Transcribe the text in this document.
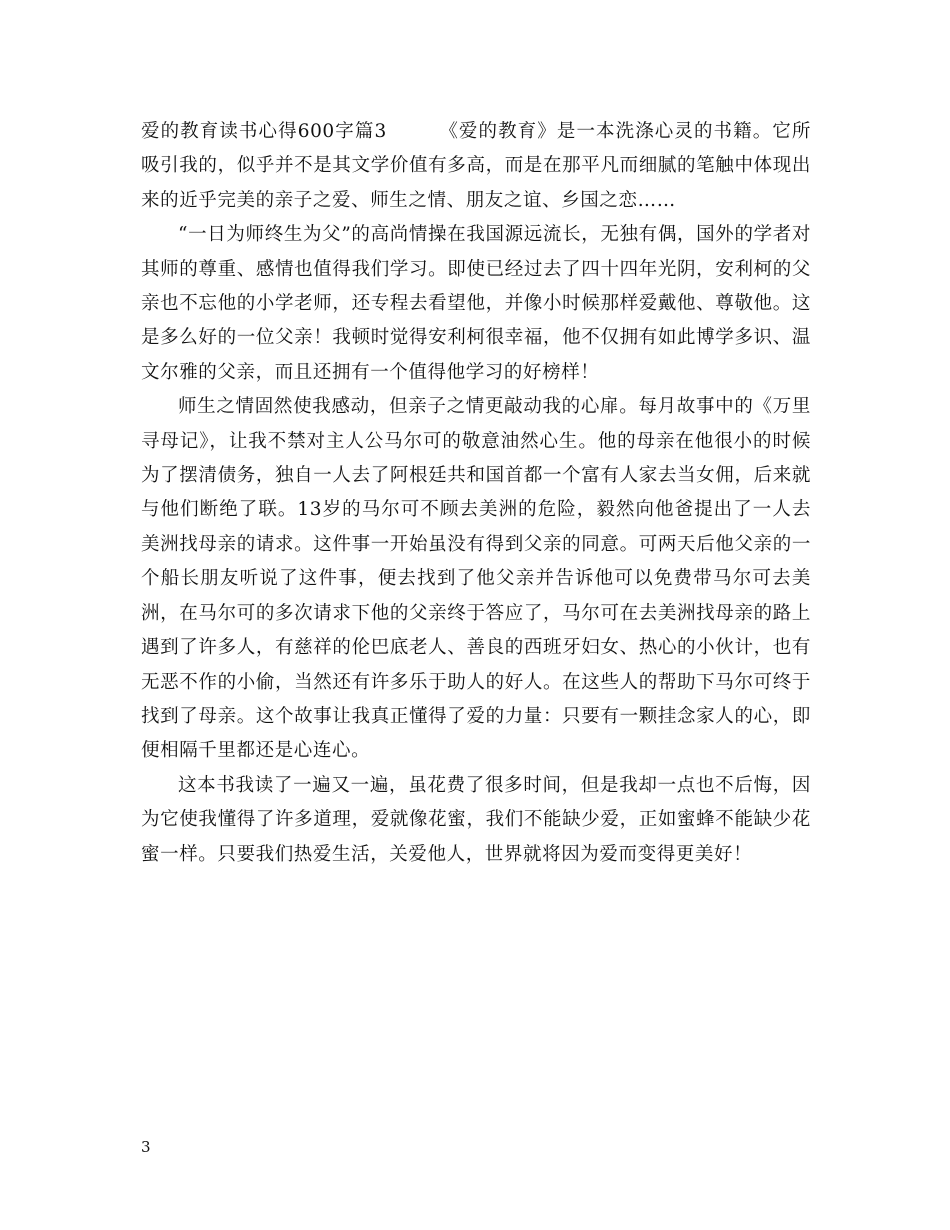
爱的教育读书心得600字篇3	《爱的教育》是一本洗涤心灵的书籍。它所吸引我的，似乎并不是其文学价值有多高，而是在那平凡而细腻的笔触中体现出来的近乎完美的亲子之爱、师生之情、朋友之谊、乡国之恋……

“一日为师终生为父”的高尚情操在我国源远流长，无独有偶，国外的学者对其师的尊重、感情也值得我们学习。即使已经过去了四十四年光阴，安利柯的父亲也不忘他的小学老师，还专程去看望他，并像小时候那样爱戴他、尊敬他。这是多么好的一位父亲！我顿时觉得安利柯很幸福，他不仅拥有如此博学多识、温文尔雅的父亲，而且还拥有一个值得他学习的好榜样！

师生之情固然使我感动，但亲子之情更敲动我的心扉。每月故事中的《万里寻母记》，让我不禁对主人公马尔可的敬意油然心生。他的母亲在他很小的时候为了摆清债务，独自一人去了阿根廷共和国首都一个富有人家去当女佣，后来就与他们断绝了联。13岁的马尔可不顾去美洲的危险，毅然向他爸提出了一人去美洲找母亲的请求。这件事一开始虽没有得到父亲的同意。可两天后他父亲的一个船长朋友听说了这件事，便去找到了他父亲并告诉他可以免费带马尔可去美洲，在马尔可的多次请求下他的父亲终于答应了，马尔可在去美洲找母亲的路上遇到了许多人，有慈祥的伦巴底老人、善良的西班牙妇女、热心的小伙计，也有无恶不作的小偷，当然还有许多乐于助人的好人。在这些人的帮助下马尔可终于找到了母亲。这个故事让我真正懂得了爱的力量：只要有一颗挂念家人的心，即便相隔千里都还是心连心。

这本书我读了一遍又一遍，虽花费了很多时间，但是我却一点也不后悔，因为它使我懂得了许多道理，爱就像花蜜，我们不能缺少爱，正如蜜蜂不能缺少花蜜一样。只要我们热爱生活，关爱他人，世界就将因为爱而变得更美好！

3
